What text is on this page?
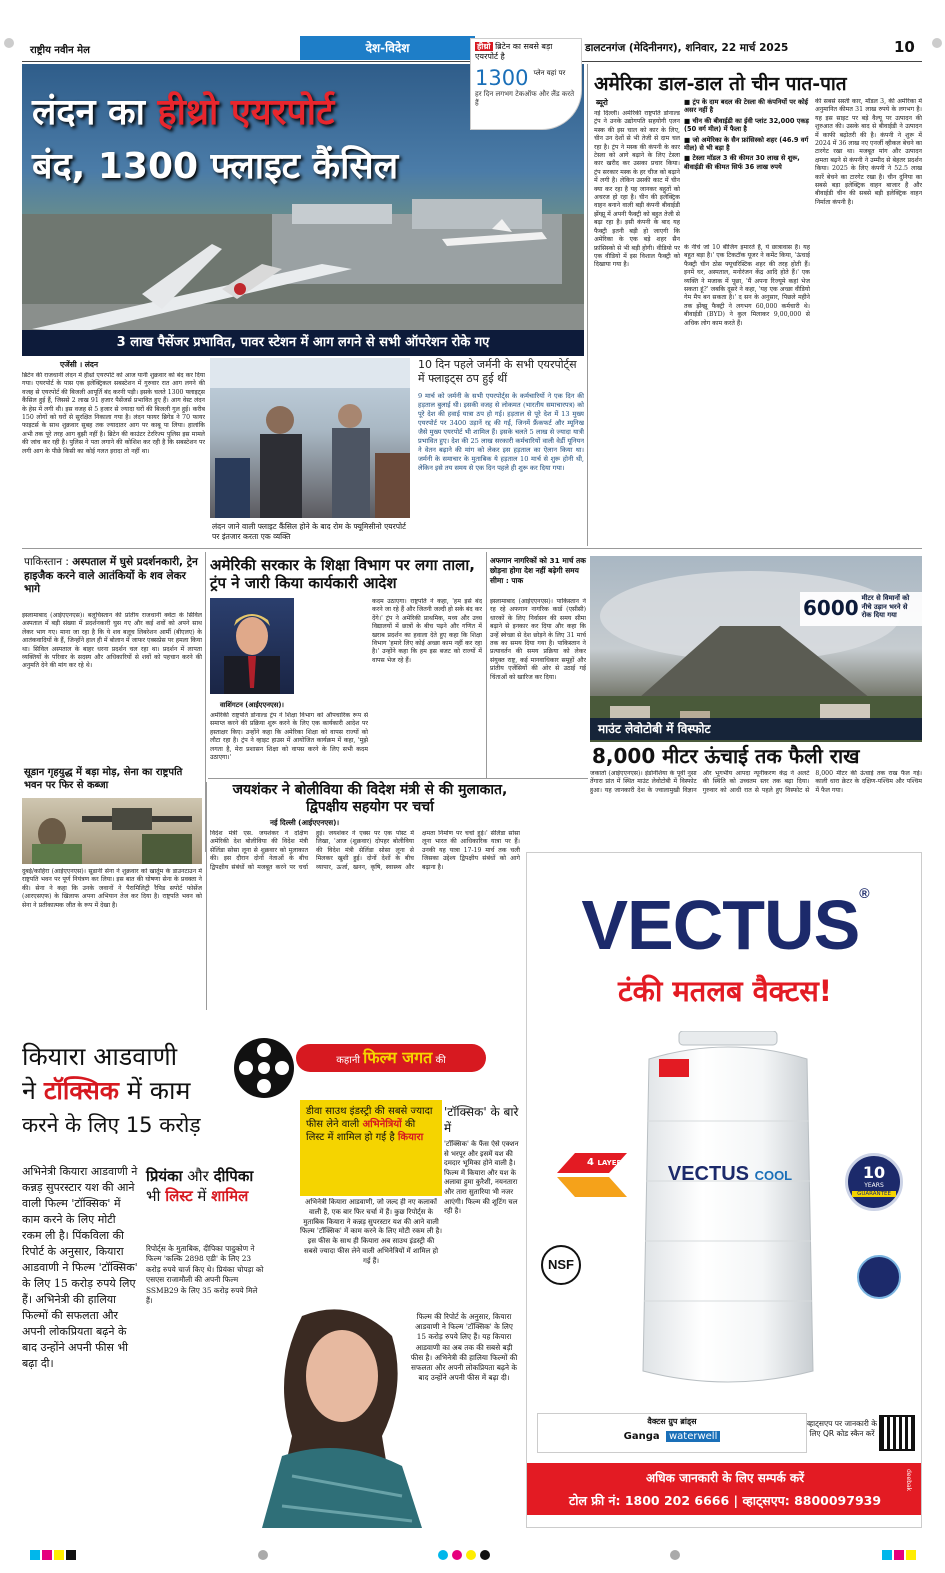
राष्ट्रीय नवीन मेल	देश-विदेश	डालटनगंज (मेदिनीनगर), शनिवार, 22 मार्च 2025	10
लंदन का हीथ्रो एयरपोर्ट
बंद, 1300 फ्लाइट कैंसिल
हीथ्रो ब्रिटेन का सबसे बड़ा एयरपोर्ट है
1300 प्लेन यहां पर
हर दिन लगभग टेकऑफ और लैंड करते हैं
3 लाख पैसेंजर प्रभावित, पावर स्टेशन में आग लगने से सभी ऑपरेशन रोके गए
एजेंसी । लंदन
ब्रिटेन की राजधानी लंदन में हीथ्रो एयरपोर्ट को आज यानी शुक्रवार को बंद कर दिया गया। एयरपोर्ट के पास एक इलेक्ट्रिकल सबस्टेशन में गुरुवार रात आग लगने की वजह से एयरपोर्ट की बिजली आपूर्ति बंद करनी पड़ी। इसके चलते 1300 फ्लाइट्स कैंसिल हुई हैं, जिससे 2 लाख 91 हजार पैसेंजर्स प्रभावित हुए हैं। आग वेस्ट लंदन के हेस में लगी थी। इस वजह से 5 हजार से ज्यादा घरों की बिजली गुल हुई। करीब 150 लोगों को घरों से सुरक्षित निकाला गया है। लंदन फायर ब्रिगेड ने 70 फायर फाइटर्स के साथ शुक्रवार सुबह तक ज्यादातर आग पर काबू पा लिया। हालांकि अभी तक पूरे तरह आग बुझी नहीं है। ब्रिटेन की काउंटर टेररिज्म पुलिस इस मामले की जांच कर रही है। पुलिस ने पता लगाने की कोशिश कर रही है कि सबस्टेशन पर लगी आग के पीछे किसी का कोई गलत इरादा तो नहीं था।
लंदन जाने वाली फ्लाइट कैंसिल होने के बाद रोम के फ्यूमिसीनो एयरपोर्ट पर इंतजार करता एक व्यक्ति
10 दिन पहले जर्मनी के सभी एयरपोर्ट्स में फ्लाइट्स ठप हुई थीं
9 मार्च को जर्मनी के सभी एयरपोर्ट्स के कर्मचारियों ने एक दिन की हड़ताल बुलाई थी। इसकी वजह से लोकमत (भारतीय समाचारपत्र) को पूरे देश की हवाई यात्रा ठप हो गई। हड़ताल से पूरे देश में 13 मुख्य एयरपोर्ट पर 3400 उड़ानें रद्द की गईं, जिनमें फ्रैंकफर्ट और म्यूनिख जैसे मुख्य एयरपोर्ट भी शामिल हैं। इसके चलते 5 लाख से ज्यादा यात्री प्रभावित हुए। देश की 25 लाख सरकारी कर्मचारियों वाली वेर्डी यूनियन ने वेतन बढ़ाने की मांग को लेकर इस हड़ताल का ऐलान किया था। जर्मनी के समाचार के मुताबिक ये हड़ताल 10 मार्च से शुरू होनी थी, लेकिन इसे तय समय से एक दिन पहले ही शुरू कर दिया गया।
अमेरिका डाल-डाल तो चीन पात-पात
ब्यूरो
नई दिल्ली। अमेरिकी राष्ट्रपति डोनाल्ड ट्रंप ने उनके उद्योगपति सहयोगी एलन मस्क की इस चाल को कार के लिए, चीन उन देशों से भी तेजी से दाम चल रहा है। ट्रंप ने मस्क की कंपनी के कार टेस्ला को आगे बढ़ाने के लिए टेस्ला कार खरीद कर उसका प्रचार किया। ट्रंप सरकार मस्क के हर चीज को बढ़ाने में लगी है। लेकिन उसकी काट में चीन क्या कर रहा है यह जानकर बहुतों को अचरज हो रहा है। चीन की इलेक्ट्रिक वाहन बनाने वाली बड़ी कंपनी बीवाईडी झेंग्झू में अपनी फैक्ट्री को बहुत तेजी से बढ़ा रहा है। इसी कंपनी के बाद यह फैक्ट्री इतनी बड़ी हो जाएगी कि अमेरिका के एक बड़े शहर सैन फ्रांसिस्को से भी बड़ी होगी। वीडियो पर एक वीडियो में इस विशाल फैक्ट्री को दिखाया गया है।
■ ट्रंप के दाम बदल की टेस्ला की कंपनियों पर कोई असर नहीं है
■ चीन की बीवाईडी का ईवी प्लांट 32,000 एकड़ (50 वर्ग मील) में फैला है
■ जो अमेरिका के सैन फ्रांसिस्को शहर (46.9 वर्ग मील) से भी बड़ा है
■ टेस्ला मॉडल 3 की कीमत 30 लाख से शुरू, बीवाईडी की कीमत सिर्फ 36 लाख रुपये
के नीचे जो 10 बीजिंग इमारतें हैं, ये छात्रावास हैं। यह बहुत बड़ा है।' एक टिकटॉक यूजर ने कमेंट किया, 'ऊंचाई फैक्ट्री चीन ठोस फ्यूचरिस्टिक शहर की तरह होती हैं। इनमें घर, अस्पताल, मनोरंजन केंद्र आदि होते हैं।' एक व्यक्ति ने मजाक में पूछा, 'मैं अपना रिज्यूमे कहां भेज सकता हूं?' जबकि दूसरे ने कहा, 'यह एक अच्छा वीडियो गेम मैप बन सकता है।' द सन के अनुसार, पिछले महीने तक झेंग्झू फैक्ट्री ने लगभग 60,000 कर्मचारी थे। बीवाईडी (BYD) ने कुल मिलाकर 9,00,000 से अधिक लोग काम करते हैं।
की सबसे सस्ती कार, मॉडल 3, की अमेरिका में अनुमानित कीमत 31 लाख रुपये के लगभग है। यह इस साइट पर बड़े वैल्यू पर उत्पादन की शुरुआत की। उसके बाद से बीवाईडी ने उत्पादन में काफी बढ़ोतरी की है। कंपनी ने शुरू में 2024 में 36 लाख नए एनर्जी व्हीकल बेचने का टारगेट रखा था। मजबूत मांग और उत्पादन क्षमता बढ़ने से कंपनी ने उम्मीद से बेहतर प्रदर्शन किया। 2025 के लिए कंपनी ने 52.5 लाख कारें बेचने का टारगेट रखा है। चीन दुनिया का सबसे बड़ा इलेक्ट्रिक वाहन बाजार है और बीवाईडी चीन की सबसे बड़ी इलेक्ट्रिक वाहन निर्माता कंपनी है।
पाकिस्तान : अस्पताल में घुसे प्रदर्शनकारी, ट्रेन हाइजैक करने वाले आतंकियों के शव लेकर भागे
इस्लामाबाद (आईएएनएस)। बलूचिस्तान की प्रांतीय राजधानी क्वेटा के सिविल अस्पताल में बड़ी संख्या में प्रदर्शनकारी घुस गए और कई शवों को अपने साथ लेकर भाग गए। माना जा रहा है कि ये शव बलूच लिबरेशन आर्मी (बीएलए) के आतंकवादियों के हैं, जिन्होंने हाल ही में बोलान में जाफर एक्सप्रेस पर हमला किया था। सिविल अस्पताल के बाहर धरना प्रदर्शन चल रहा था। प्रदर्शन में लापता व्यक्तियों के परिवार के सदस्य और अधिकारियों से शवों को पहचान करने की अनुमति देने की मांग कर रहे थे।
अमेरिकी सरकार के शिक्षा विभाग पर लगा ताला, ट्रंप ने जारी किया कार्यकारी आदेश
वाशिंगटन (आईएएनएस)।
अमेरिकी राष्ट्रपति डोनाल्ड ट्रंप ने शिक्षा विभाग को औपचारिक रूप से समाप्त करने की प्रक्रिया शुरू करने के लिए एक कार्यकारी आदेश पर हस्ताक्षर किए। उन्होंने कहा कि अमेरिका शिक्षा को वापस राज्यों को लौटा रहा है। ट्रंप ने व्हाइट हाउस में आयोजित कार्यक्रम में कहा, 'मुझे लगता है, मेरा प्रशासन शिक्षा को वापस करने के लिए सभी कदम उठाएगा।'
कदम उठाएगा। राष्ट्रपति ने कहा, 'हम इसे बंद करने जा रहे हैं और जितनी जल्दी हो सके बंद कर देंगे।' ट्रंप ने अमेरिकी प्राथमिक, मध्य और उच्च विद्यालयों में छात्रों के बीच पढ़ने और गणित में खराब प्रदर्शन का हवाला देते हुए कहा कि शिक्षा विभाग 'हमारे लिए कोई अच्छा काम नहीं कर रहा है।' उन्होंने कहा कि हम इस बजट को राज्यों में वापस भेज रहे हैं।
अफगान नागरिकों को 31 मार्च तक छोड़ना होगा देश नहीं बढ़ेगी समय सीमा : पाक
इस्लामाबाद (आईएएनएस)। पाकिस्तान ने रह रहे अफगान नागरिक कार्ड (एसीसी) धारकों के लिए निर्वासन की समय सीमा बढ़ाने से इनकार कर दिया और कहा कि उन्हें स्वेच्छा से देश छोड़ने के लिए 31 मार्च तक का समय दिया गया है। पाकिस्तान ने प्रत्यावर्तन की समय प्रक्रिया को लेकर संयुक्त राष्ट्र, कई मानवाधिकार समूहों और प्रांतीय एजेंसियों की ओर से उठाई गई चिंताओं को खारिज कर दिया।
6000 मीटर से विमानों को नीचे उड़ान भरने से रोक दिया गया
माउंट लेवोटोबी में विस्फोट
8,000 मीटर ऊंचाई तक फैली राख
जकार्ता (आईएएनएस)। इंडोनेशिया के पूर्वी नुसा तेंगारा प्रांत में स्थित माउंट लेवोटोबी में विस्फोट हुआ। यह जानकारी देश के ज्वालामुखी विज्ञान और भूगर्भीय आपदा न्यूनीकरण केंद्र ने अलर्ट की स्थिति को उच्चतम स्तर तक बढ़ा दिया। गुरुवार को आधी रात से पहले हुए विस्फोट से 8,000 मीटर की ऊंचाई तक राख फैल गई। काली धारा क्रेटर के दक्षिण-पश्चिम और पश्चिम में फैल गया।
सूडान गृहयुद्ध में बड़ा मोड़, सेना का राष्ट्रपति भवन पर फिर से कब्जा
दुबई/काहिरा (आईएएनएस)। सूडानी सेना ने शुक्रवार को खार्तूम के डाउनटाउन में राष्ट्रपति भवन पर पूर्ण नियंत्रण कर लिया। इस बात की घोषणा सेना के प्रवक्ता ने की। सेना ने कहा कि उनके जवानों ने पैरामिलिट्री रैपिड सपोर्ट फोर्सेज (आरएसएफ) के खिलाफ अपना अभियान तेज कर दिया है। राष्ट्रपति भवन को सेना ने प्रतीकात्मक जीत के रूप में देखा है।
जयशंकर ने बोलीविया की विदेश मंत्री से की मुलाकात, द्विपक्षीय सहयोग पर चर्चा
नई दिल्ली (आईएएनएस)।
विदेश मंत्री एस. जयशंकर ने दक्षिण अमेरिकी देश बोलीविया की विदेश मंत्री सेलिंडा सोसा लूना से शुक्रवार को मुलाकात की। इस दौरान दोनों नेताओं के बीच द्विपक्षीय संबंधों को मजबूत करने पर चर्चा हुई। जयशंकर ने एक्स पर एक पोस्ट में लिखा, 'आज (शुक्रवार) दोपहर बोलीविया की विदेश मंत्री सेलिंडा सोसा लूना से मिलकर खुशी हुई। दोनों देशों के बीच व्यापार, ऊर्जा, खनन, कृषि, स्वास्थ्य और क्षमता निर्माण पर चर्चा हुई।' सेलिंडा सोसा लूना भारत की आधिकारिक यात्रा पर हैं। उनकी यह यात्रा 17-19 मार्च तक चली जिसका उद्देश्य द्विपक्षीय संबंधों को आगे बढ़ाना है।
VECTUS®
टंकी मतलब वैक्टस!
VECTUS COOL
4 LAYER	10
YEARS
GUARANTEE
NSF
वैक्टस ग्रुप ब्रांड्स
Ganga waterwell
व्हाट्सएप पर जानकारी के लिए QR कोड स्कैन करें
अधिक जानकारी के लिए सम्पर्क करें
टोल फ्री नं: 1800 202 6666 | व्हाट्सएप: 8800097939
deebak
कियारा आडवाणी
ने टॉक्सिक में काम
करने के लिए 15 करोड़
कहानी फिल्म जगत की
अभिनेत्री कियारा आडवाणी ने कन्नड़ सुपरस्टार यश की आने वाली फिल्म 'टॉक्सिक' में काम करने के लिए मोटी रकम ली है। पिंकविला की रिपोर्ट के अनुसार, कियारा आडवाणी ने फिल्म 'टॉक्सिक' के लिए 15 करोड़ रुपये लिए हैं। अभिनेत्री की हालिया फिल्मों की सफलता और अपनी लोकप्रियता बढ़ने के बाद उन्होंने अपनी फीस भी बढ़ा दी।
प्रियंका और दीपिका भी लिस्ट में शामिल
रिपोर्ट्स के मुताबिक, दीपिका पादुकोण ने फिल्म 'कल्कि 2898 एडी' के लिए 23 करोड़ रुपये चार्ज किए थे। प्रियंका चोपड़ा को एसएस राजामौली की अपनी फिल्म SSMB29 के लिए 35 करोड़ रुपये मिले हैं।
डीवा साउथ इंडस्ट्री की सबसे ज्यादा फीस लेने वाली अभिनेत्रियों की लिस्ट में शामिल हो गई है कियारा
अभिनेत्री कियारा आडवाणी, जो जल्द ही नए कलाकों वाली हैं, एक बार फिर चर्चा में हैं। कुछ रिपोर्ट्स के मुताबिक कियारा ने कन्नड़ सुपरस्टार यश की आने वाली फिल्म 'टॉक्सिक' में काम करने के लिए मोटी रकम ली है। इस फीस के साथ ही कियारा अब साउथ इंडस्ट्री की सबसे ज्यादा फीस लेने वाली अभिनेत्रियों में शामिल हो गई हैं।
'टॉक्सिक' के बारे में
'टॉक्सिक' के फैंस ऐसे एक्शन से भरपूर और इसमें यश की दमदार भूमिका होने वाली है। फिल्म में कियारा और यश के अलावा हुमा कुरैशी, नयनतारा और तारा सुतारिया भी नजर आएंगी। फिल्म की शूटिंग चल रही है।
फिल्म की रिपोर्ट के अनुसार, कियारा आडवाणी ने फिल्म 'टॉक्सिक' के लिए 15 करोड़ रुपये लिए हैं। यह कियारा आडवाणी का अब तक की सबसे बड़ी फीस है। अभिनेत्री की हालिया फिल्मों की सफलता और अपनी लोकप्रियता बढ़ने के बाद उन्होंने अपनी फीस में बढ़ा दी।
